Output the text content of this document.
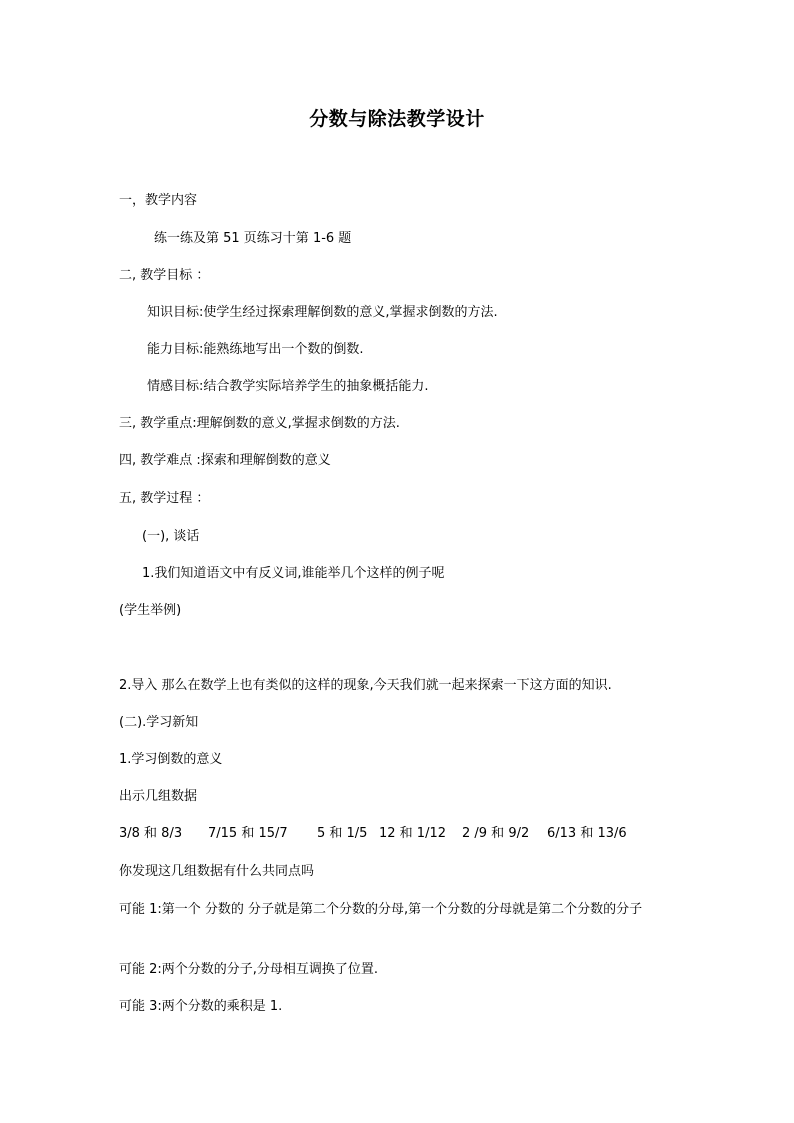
分数与除法教学设计
一，教学内容
练一练及第 51 页练习十第 1-6 题
二, 教学目标 ：
知识目标:使学生经过探索理解倒数的意义,掌握求倒数的方法.
能力目标:能熟练地写出一个数的倒数.
情感目标:结合教学实际培养学生的抽象概括能力.
三, 教学重点:理解倒数的意义,掌握求倒数的方法.
四, 教学难点 :探索和理解倒数的意义
五, 教学过程 ：
(一), 谈话
1.我们知道语文中有反义词,谁能举几个这样的例子呢
(学生举例)
2.导入 那么在数学上也有类似的这样的现象,今天我们就一起来探索一下这方面的知识.
(二).学习新知
1.学习倒数的意义
出示几组数据
3/8 和 8/3 7/15 和 15/7 5 和 1/5 12 和 1/12 2 /9 和 9/2 6/13 和 13/6
你发现这几组数据有什么共同点吗
可能 1:第一个 分数的 分子就是第二个分数的分母,第一个分数的分母就是第二个分数的分子
可能 2:两个分数的分子,分母相互调换了位置.
可能 3:两个分数的乘积是 1.
